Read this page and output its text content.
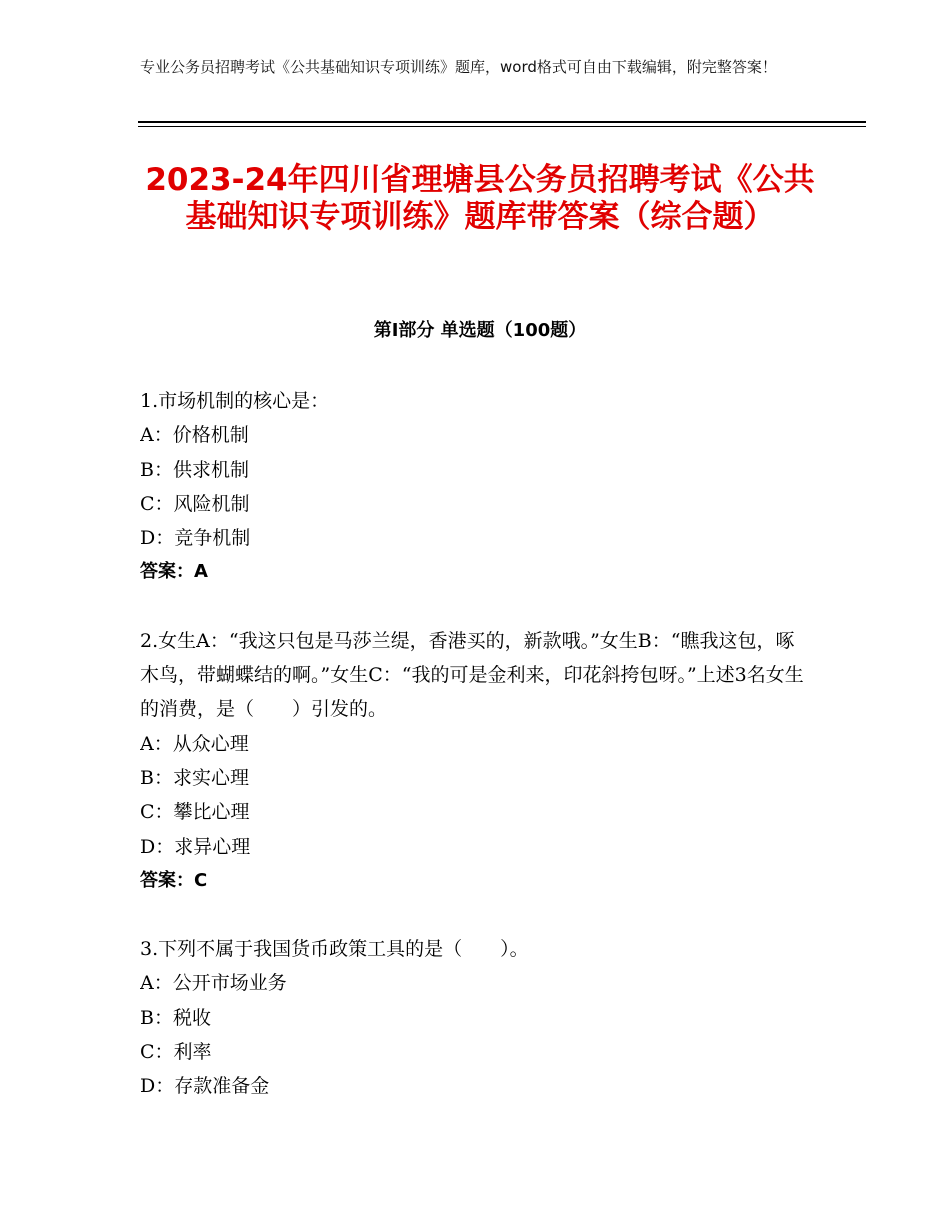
专业公务员招聘考试《公共基础知识专项训练》题库，word格式可自由下载编辑，附完整答案！
2023-24年四川省理塘县公务员招聘考试《公共基础知识专项训练》题库带答案（综合题）
第Ⅰ部分 单选题（100题）
1.市场机制的核心是：
A：价格机制
B：供求机制
C：风险机制
D：竞争机制
答案：A
2.女生A：“我这只包是马莎兰缇，香港买的，新款哦。”女生B：“瞧我这包，啄木鸟，带蝴蝶结的啊。”女生C：“我的可是金利来，印花斜挎包呀。”上述3名女生的消费，是（　　）引发的。
A：从众心理
B：求实心理
C：攀比心理
D：求异心理
答案：C
3.下列不属于我国货币政策工具的是（　　）。
A：公开市场业务
B：税收
C：利率
D：存款准备金
